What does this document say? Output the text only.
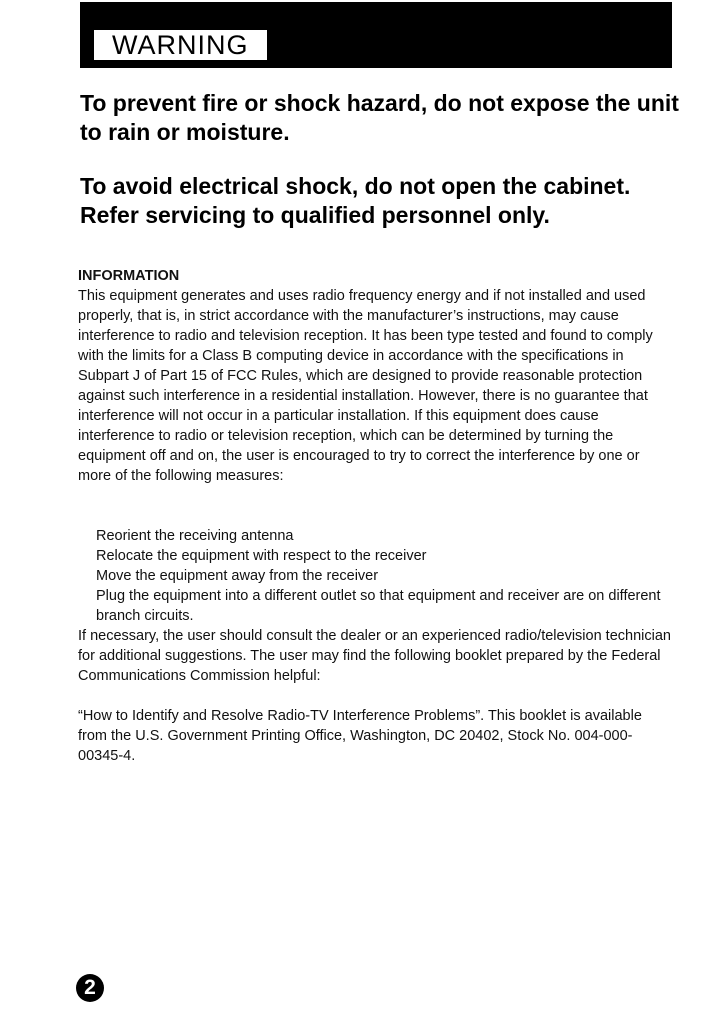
WARNING

To prevent fire or shock hazard, do not expose the unit to rain or moisture.

To avoid electrical shock, do not open the cabinet. Refer servicing to qualified personnel only.

INFORMATION
This equipment generates and uses radio frequency energy and if not installed and used properly, that is, in strict accordance with the manufacturer’s instructions, may cause interference to radio and television reception. It has been type tested and found to comply with the limits for a Class B computing device in accordance with the specifications in Subpart J of Part 15 of FCC Rules, which are designed to provide reasonable protection against such interference in a residential installation. However, there is no guarantee that interference will not occur in a particular installation. If this equipment does cause interference to radio or television reception, which can be determined by turning the equipment off and on, the user is encouraged to try to correct the interference by one or more of the following measures:
Reorient the receiving antenna
Relocate the equipment with respect to the receiver
Move the equipment away from the receiver
Plug the equipment into a different outlet so that equipment and receiver are on different branch circuits.
If necessary, the user should consult the dealer or an experienced radio/television technician for additional suggestions. The user may find the following booklet prepared by the Federal Communications Commission helpful:
“How to Identify and Resolve Radio-TV Interference Problems”. This booklet is available from the U.S. Government Printing Office, Washington, DC 20402, Stock No. 004-000-00345-4.
2
